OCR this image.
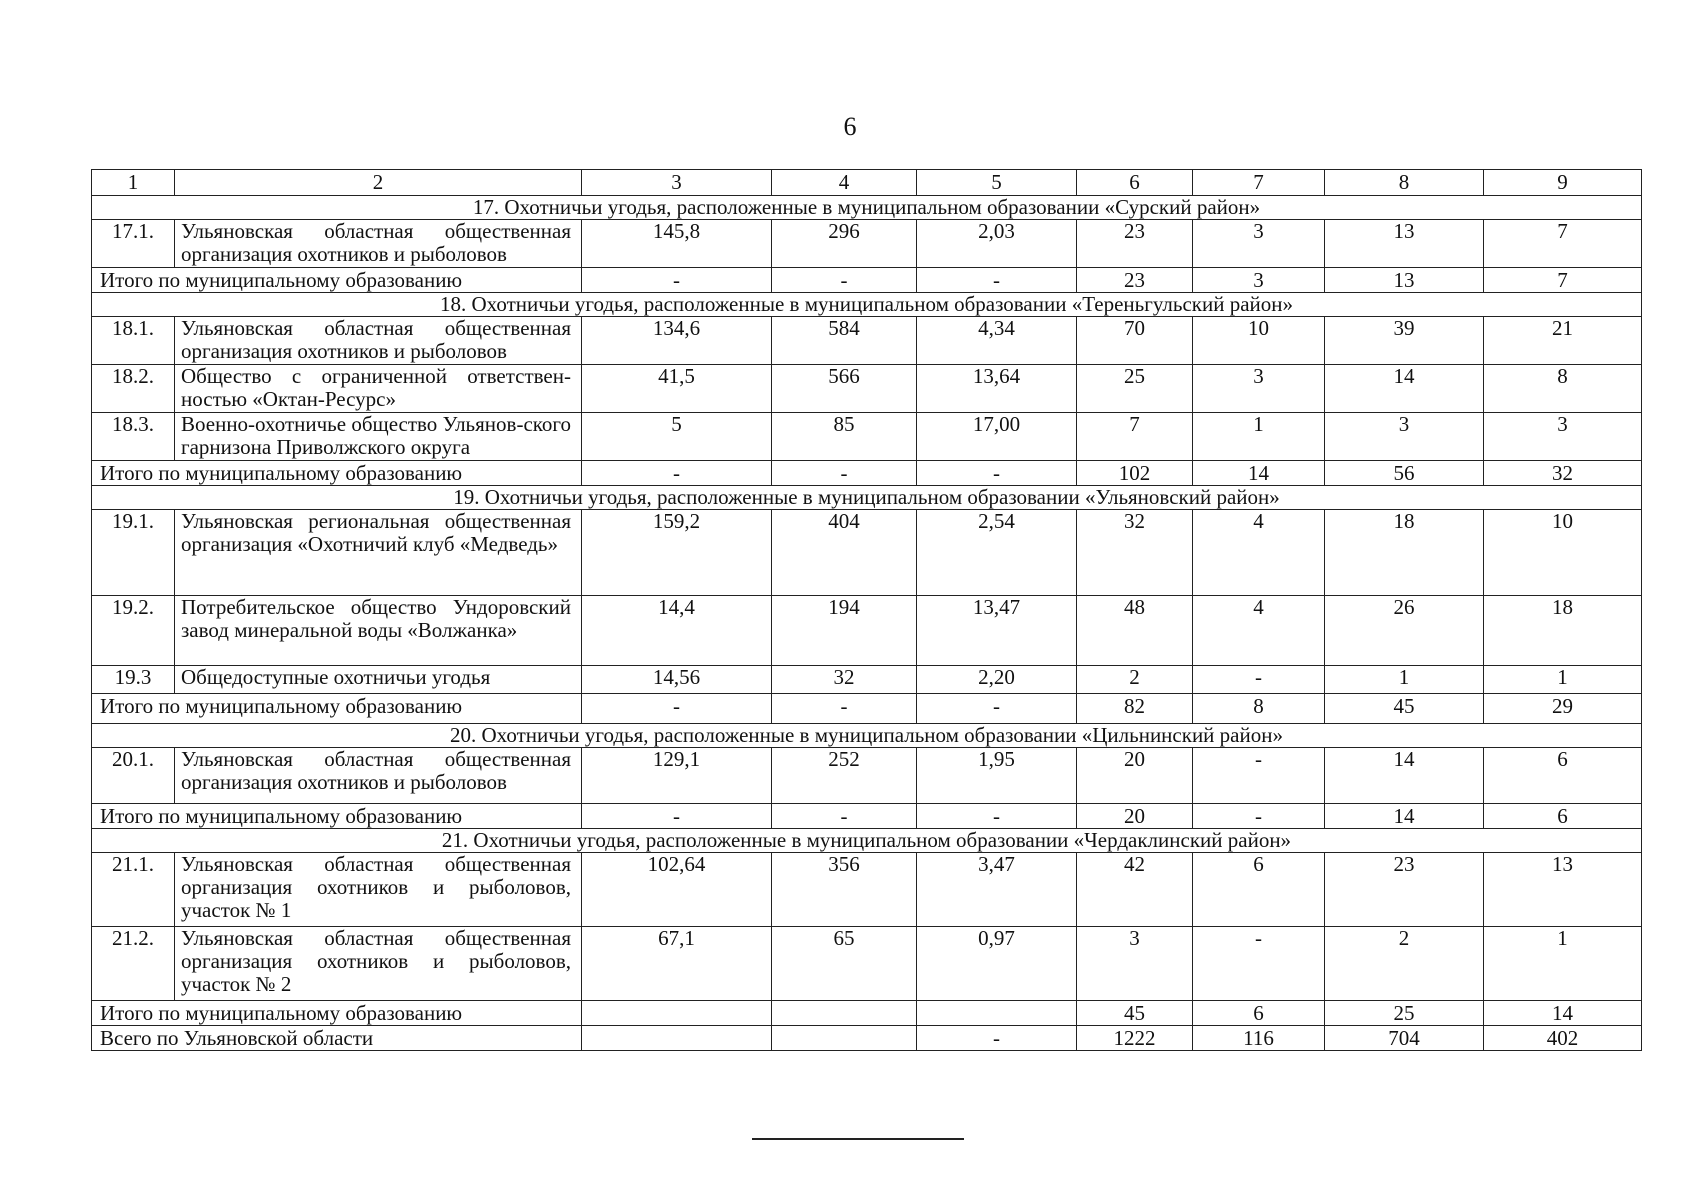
6
1	2	3	4	5	6	7	8	9
17. Охотничьи угодья, расположенные в муниципальном образовании «Сурский район»								
17.1.	Ульяновская областная общественная организация охотников и рыболовов	145,8	296	2,03	23	3	13	7
Итого по муниципальному образованию		-	-	-	23	3	13	7
18. Охотничьи угодья, расположенные в муниципальном образовании «Тереньгульский район»								
18.1.	Ульяновская областная общественная организация охотников и рыболовов	134,6	584	4,34	70	10	39	21
18.2.	Общество с ограниченной ответствен-ностью «Октан-Ресурс»	41,5	566	13,64	25	3	14	8
18.3.	Военно-охотничье общество Ульянов-ского гарнизона Приволжского округа	5	85	17,00	7	1	3	3
Итого по муниципальному образованию		-	-	-	102	14	56	32
19. Охотничьи угодья, расположенные в муниципальном образовании «Ульяновский район»								
19.1.	Ульяновская региональная общественная организация «Охотничий клуб «Медведь»	159,2	404	2,54	32	4	18	10
19.2.	Потребительское общество Ундоровский завод минеральной воды «Волжанка»	14,4	194	13,47	48	4	26	18
19.3	Общедоступные охотничьи угодья	14,56	32	2,20	2	-	1	1
Итого по муниципальному образованию		-	-	-	82	8	45	29
20. Охотничьи угодья, расположенные в муниципальном образовании «Цильнинский район»								
20.1.	Ульяновская областная общественная организация охотников и рыболовов	129,1	252	1,95	20	-	14	6
Итого по муниципальному образованию		-	-	-	20	-	14	6
21. Охотничьи угодья, расположенные в муниципальном образовании «Чердаклинский район»								
21.1.	Ульяновская областная общественная организация охотников и рыболовов, участок № 1	102,64	356	3,47	42	6	23	13
21.2.	Ульяновская областная общественная организация охотников и рыболовов, участок № 2	67,1	65	0,97	3	-	2	1
Итого по муниципальному образованию					45	6	25	14
Всего по Ульяновской области				-	1222	116	704	402
